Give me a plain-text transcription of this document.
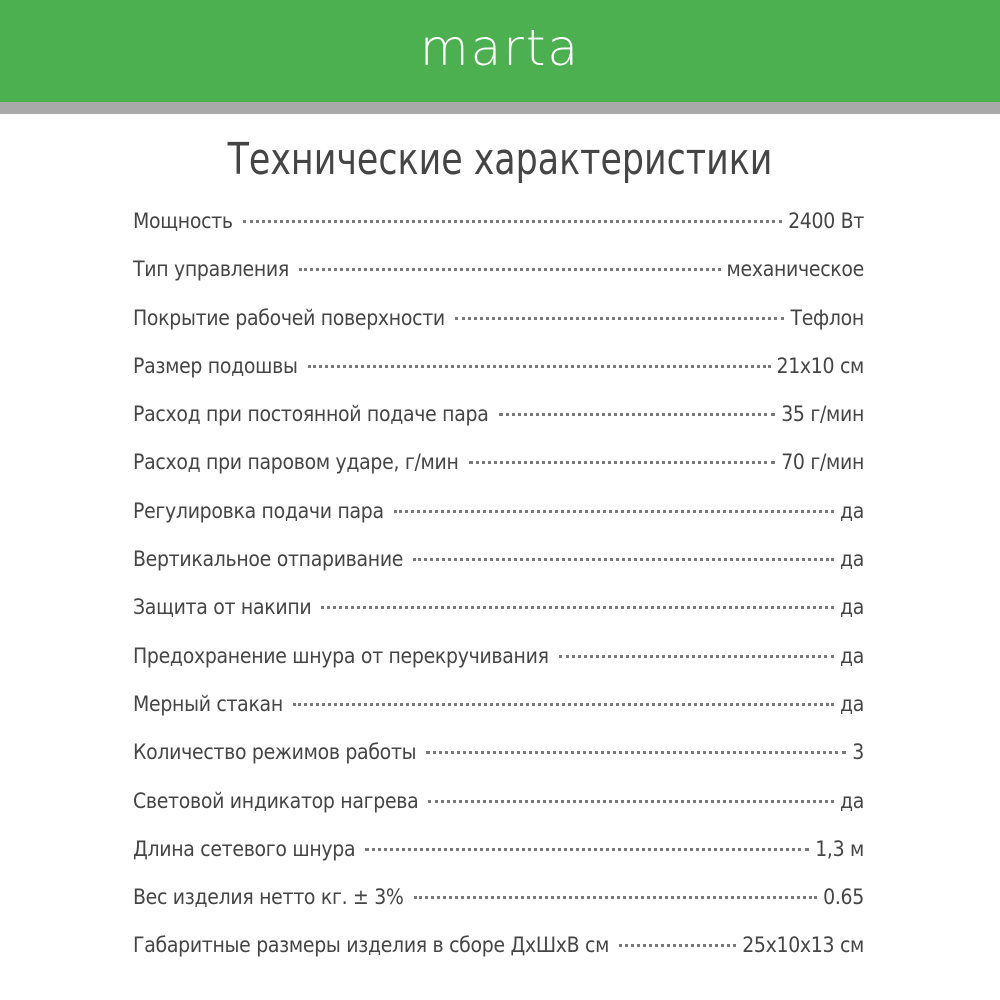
marta
Технические характеристики
Мощность	2400 Вт
Тип управления	механическое
Покрытие рабочей поверхности	Тефлон
Размер подошвы	21x10 см
Расход при постоянной подаче пара	35 г/мин
Расход при паровом ударе, г/мин	70 г/мин
Регулировка подачи пара	да
Вертикальное отпаривание	да
Защита от накипи	да
Предохранение шнура от перекручивания	да
Мерный стакан	да
Количество режимов работы	3
Световой индикатор нагрева	да
Длина сетевого шнура	1,3 м
Вес изделия нетто кг. ± 3%	0.65
Габаритные размеры изделия в сборе ДхШхВ см	25x10x13 см
